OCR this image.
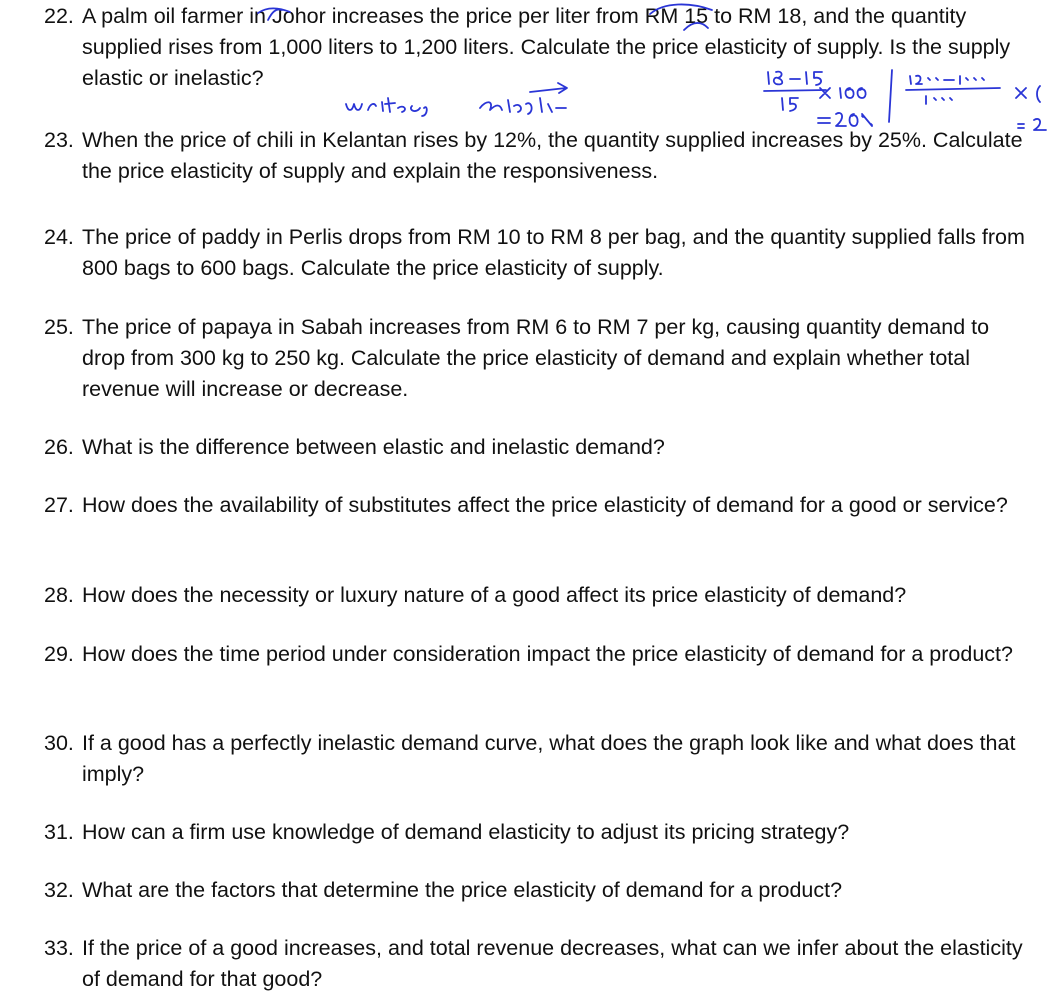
22. A palm oil farmer in Johor increases the price per liter from RM 15 to RM 18, and the quantity supplied rises from 1,000 liters to 1,200 liters. Calculate the price elasticity of supply. Is the supply elastic or inelastic?
23. When the price of chili in Kelantan rises by 12%, the quantity supplied increases by 25%. Calculate the price elasticity of supply and explain the responsiveness.
24. The price of paddy in Perlis drops from RM 10 to RM 8 per bag, and the quantity supplied falls from 800 bags to 600 bags. Calculate the price elasticity of supply.
25. The price of papaya in Sabah increases from RM 6 to RM 7 per kg, causing quantity demand to drop from 300 kg to 250 kg. Calculate the price elasticity of demand and explain whether total revenue will increase or decrease.
26. What is the difference between elastic and inelastic demand?
27. How does the availability of substitutes affect the price elasticity of demand for a good or service?
28. How does the necessity or luxury nature of a good affect its price elasticity of demand?
29. How does the time period under consideration impact the price elasticity of demand for a product?
30. If a good has a perfectly inelastic demand curve, what does the graph look like and what does that imply?
31. How can a firm use knowledge of demand elasticity to adjust its pricing strategy?
32. What are the factors that determine the price elasticity of demand for a product?
33. If the price of a good increases, and total revenue decreases, what can we infer about the elasticity of demand for that good?
